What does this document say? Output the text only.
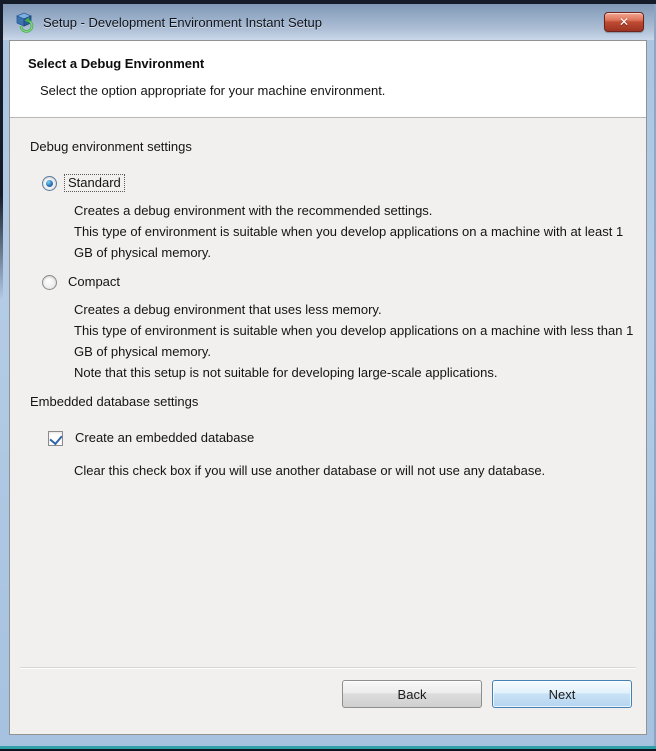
Setup - Development Environment Instant Setup	✕
Select a Debug Environment
Select the option appropriate for your machine environment.
Debug environment settings
Standard
Creates a debug environment with the recommended settings.
This type of environment is suitable when you develop applications on a machine with at least 1 GB of physical memory.
Compact
Creates a debug environment that uses less memory.
This type of environment is suitable when you develop applications on a machine with less than 1 GB of physical memory.
Note that this setup is not suitable for developing large-scale applications.
Embedded database settings
Create an embedded database
Clear this check box if you will use another database or will not use any database.
Back	Next
